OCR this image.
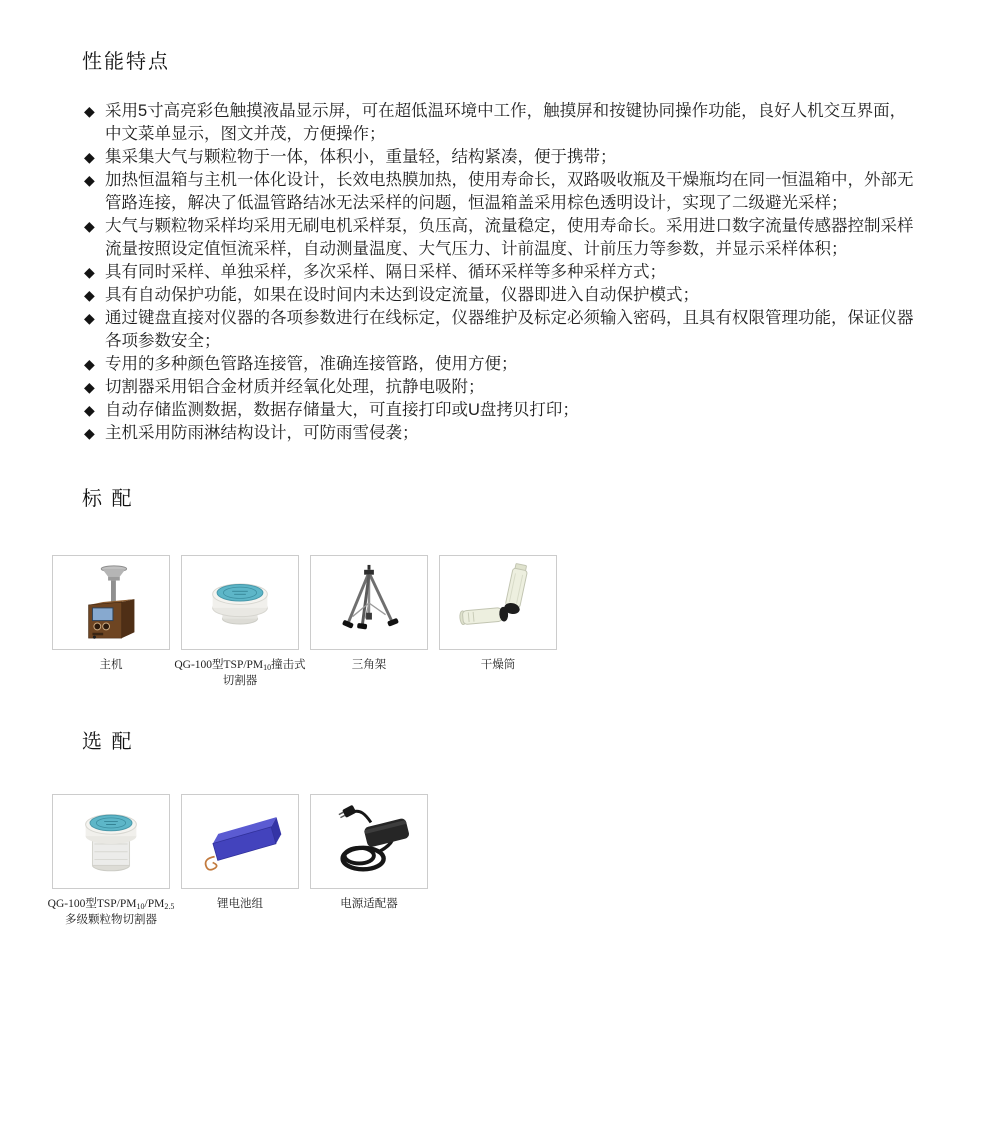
性能特点
◆ 采用5寸高亮彩色触摸液晶显示屏，可在超低温环境中工作，触摸屏和按键协同操作功能，良好人机交互界面，中文菜单显示，图文并茂，方便操作；
◆ 集采集大气与颗粒物于一体，体积小，重量轻，结构紧凑，便于携带；
◆ 加热恒温箱与主机一体化设计，长效电热膜加热，使用寿命长，双路吸收瓶及干燥瓶均在同一恒温箱中，外部无管路连接，解决了低温管路结冰无法采样的问题，恒温箱盖采用棕色透明设计，实现了二级避光采样；
◆ 大气与颗粒物采样均采用无刷电机采样泵，负压高，流量稳定，使用寿命长。采用进口数字流量传感器控制采样流量按照设定值恒流采样，自动测量温度、大气压力、计前温度、计前压力等参数，并显示采样体积；
◆ 具有同时采样、单独采样，多次采样、隔日采样、循环采样等多种采样方式；
◆ 具有自动保护功能，如果在设时间内未达到设定流量，仪器即进入自动保护模式；
◆ 通过键盘直接对仪器的各项参数进行在线标定，仪器维护及标定必须输入密码，且具有权限管理功能，保证仪器各项参数安全；
◆ 专用的多种颜色管路连接管，准确连接管路，使用方便；
◆ 切割器采用铝合金材质并经氧化处理，抗静电吸附；
◆ 自动存储监测数据，数据存储量大，可直接打印或U盘拷贝打印；
◆ 主机采用防雨淋结构设计，可防雨雪侵袭；
标 配
主机	QG-100型TSP/$PM_{10}$撞击式
切割器
三角架	干燥筒
选 配
QG-100型TSP/$PM_{10}/PM_{2.5}$
多级颗粒物切割器
锂电池组	电源适配器
